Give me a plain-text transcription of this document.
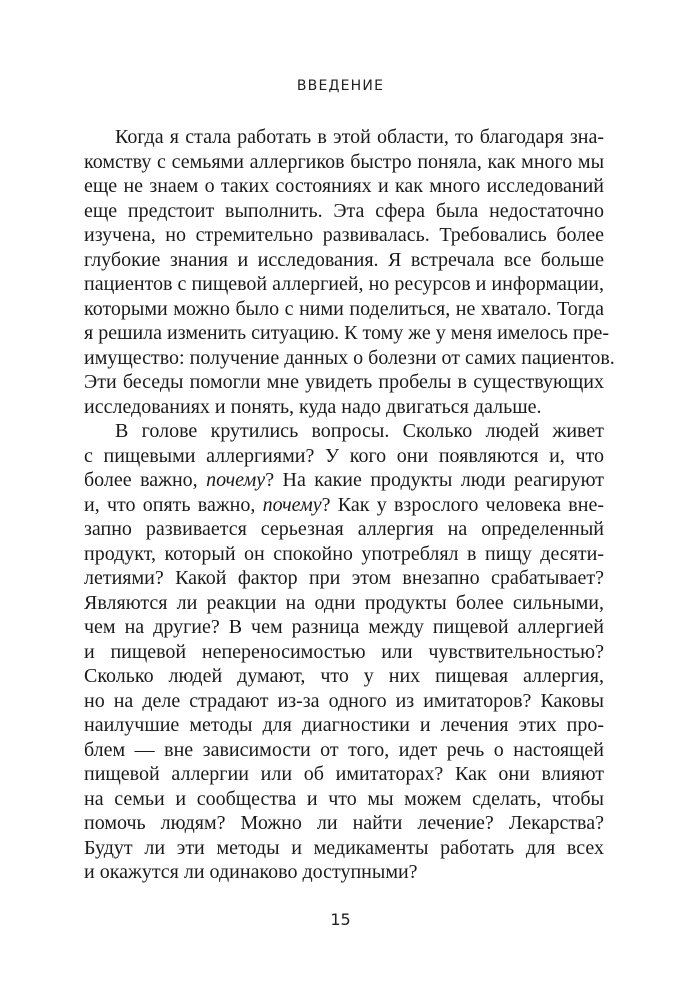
ВВЕДЕНИЕ
Когда я стала работать в этой области, то благодаря зна-
комству с семьями аллергиков быстро поняла, как много мы
еще не знаем о таких состояниях и как много исследований
еще предстоит выполнить. Эта сфера была недостаточно
изучена, но стремительно развивалась. Требовались более
глубокие знания и исследования. Я встречала все больше
пациентов с пищевой аллергией, но ресурсов и информации,
которыми можно было с ними поделиться, не хватало. Тогда
я решила изменить ситуацию. К тому же у меня имелось пре-
имущество: получение данных о болезни от самих пациентов.
Эти беседы помогли мне увидеть пробелы в существующих
исследованиях и понять, куда надо двигаться дальше.
В голове крутились вопросы. Сколько людей живет
с пищевыми аллергиями? У кого они появляются и, что
более важно, почему? На какие продукты люди реагируют
и, что опять важно, почему? Как у взрослого человека вне-
запно развивается серьезная аллергия на определенный
продукт, который он спокойно употреблял в пищу десяти-
летиями? Какой фактор при этом внезапно срабатывает?
Являются ли реакции на одни продукты более сильными,
чем на другие? В чем разница между пищевой аллергией
и пищевой непереносимостью или чувствительностью?
Сколько людей думают, что у них пищевая аллергия,
но на деле страдают из-за одного из имитаторов? Каковы
наилучшие методы для диагностики и лечения этих про-
блем — вне зависимости от того, идет речь о настоящей
пищевой аллергии или об имитаторах? Как они влияют
на семьи и сообщества и что мы можем сделать, чтобы
помочь людям? Можно ли найти лечение? Лекарства?
Будут ли эти методы и медикаменты работать для всех
и окажутся ли одинаково доступными?
15
